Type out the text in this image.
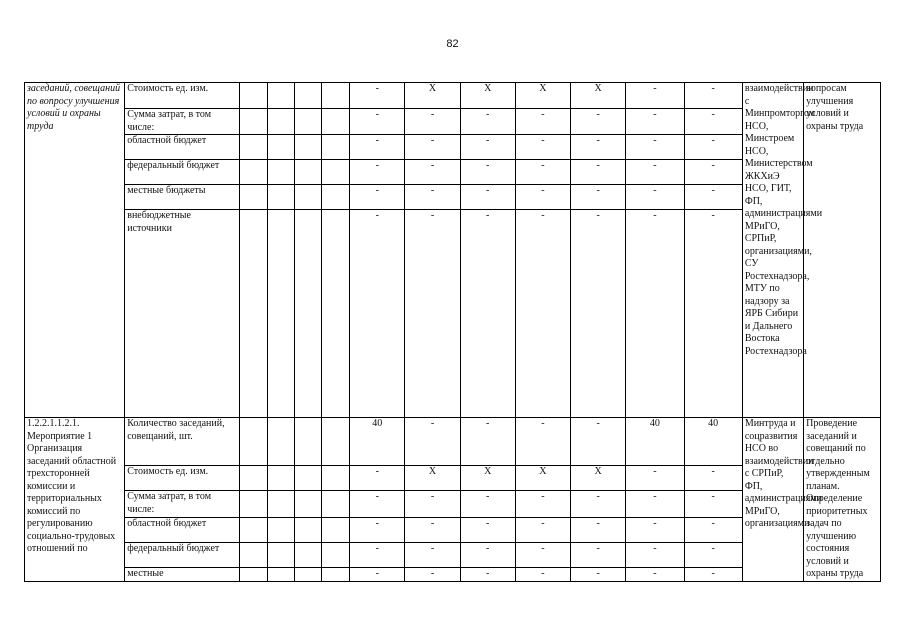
82
заседаний, совещаний по вопросу улучшения условий и охраны труда	Стоимость ед. изм.					-	X	X	X	X	-	-	взаимодействии с Минпромторгом НСО, Минстроем НСО, Министерством ЖКХиЭ НСО, ГИТ, ФП, администрациями МРиГО, СРПиР, организациями, СУ Ростехнадзора, МТУ по надзору за ЯРБ Сибири и Дальнего Востока Ростехнадзора	вопросам улучшения условий и охраны труда
	Сумма затрат, в том числе:					-	-	-	-	-	-	-		
	областной бюджет					-	-	-	-	-	-	-		
	федеральный бюджет					-	-	-	-	-	-	-		
	местные бюджеты					-	-	-	-	-	-	-		
	внебюджетные источники					-	-	-	-	-	-	-		
1.2.2.1.1.2.1. Мероприятие 1 Организация заседаний областной трехсторонней комиссии и территориальных комиссий по регулированию социально-трудовых отношений по	Количество заседаний, совещаний, шт.					40	-	-	-	-	40	40	Минтруда и соцразвития НСО во взаимодействии с СРПиР, ФП, администрациями МРиГО, организациями	Проведение заседаний и совещаний по отдельно утвержденным планам. Определение приоритетных задач по улучшению состояния условий и охраны труда
	Стоимость ед. изм.					-	X	X	X	X	-	-		
	Сумма затрат, в том числе:					-	-	-	-	-	-	-		
	областной бюджет					-	-	-	-	-	-	-		
	федеральный бюджет					-	-	-	-	-	-	-		
	местные					-	-	-	-	-	-	-		
